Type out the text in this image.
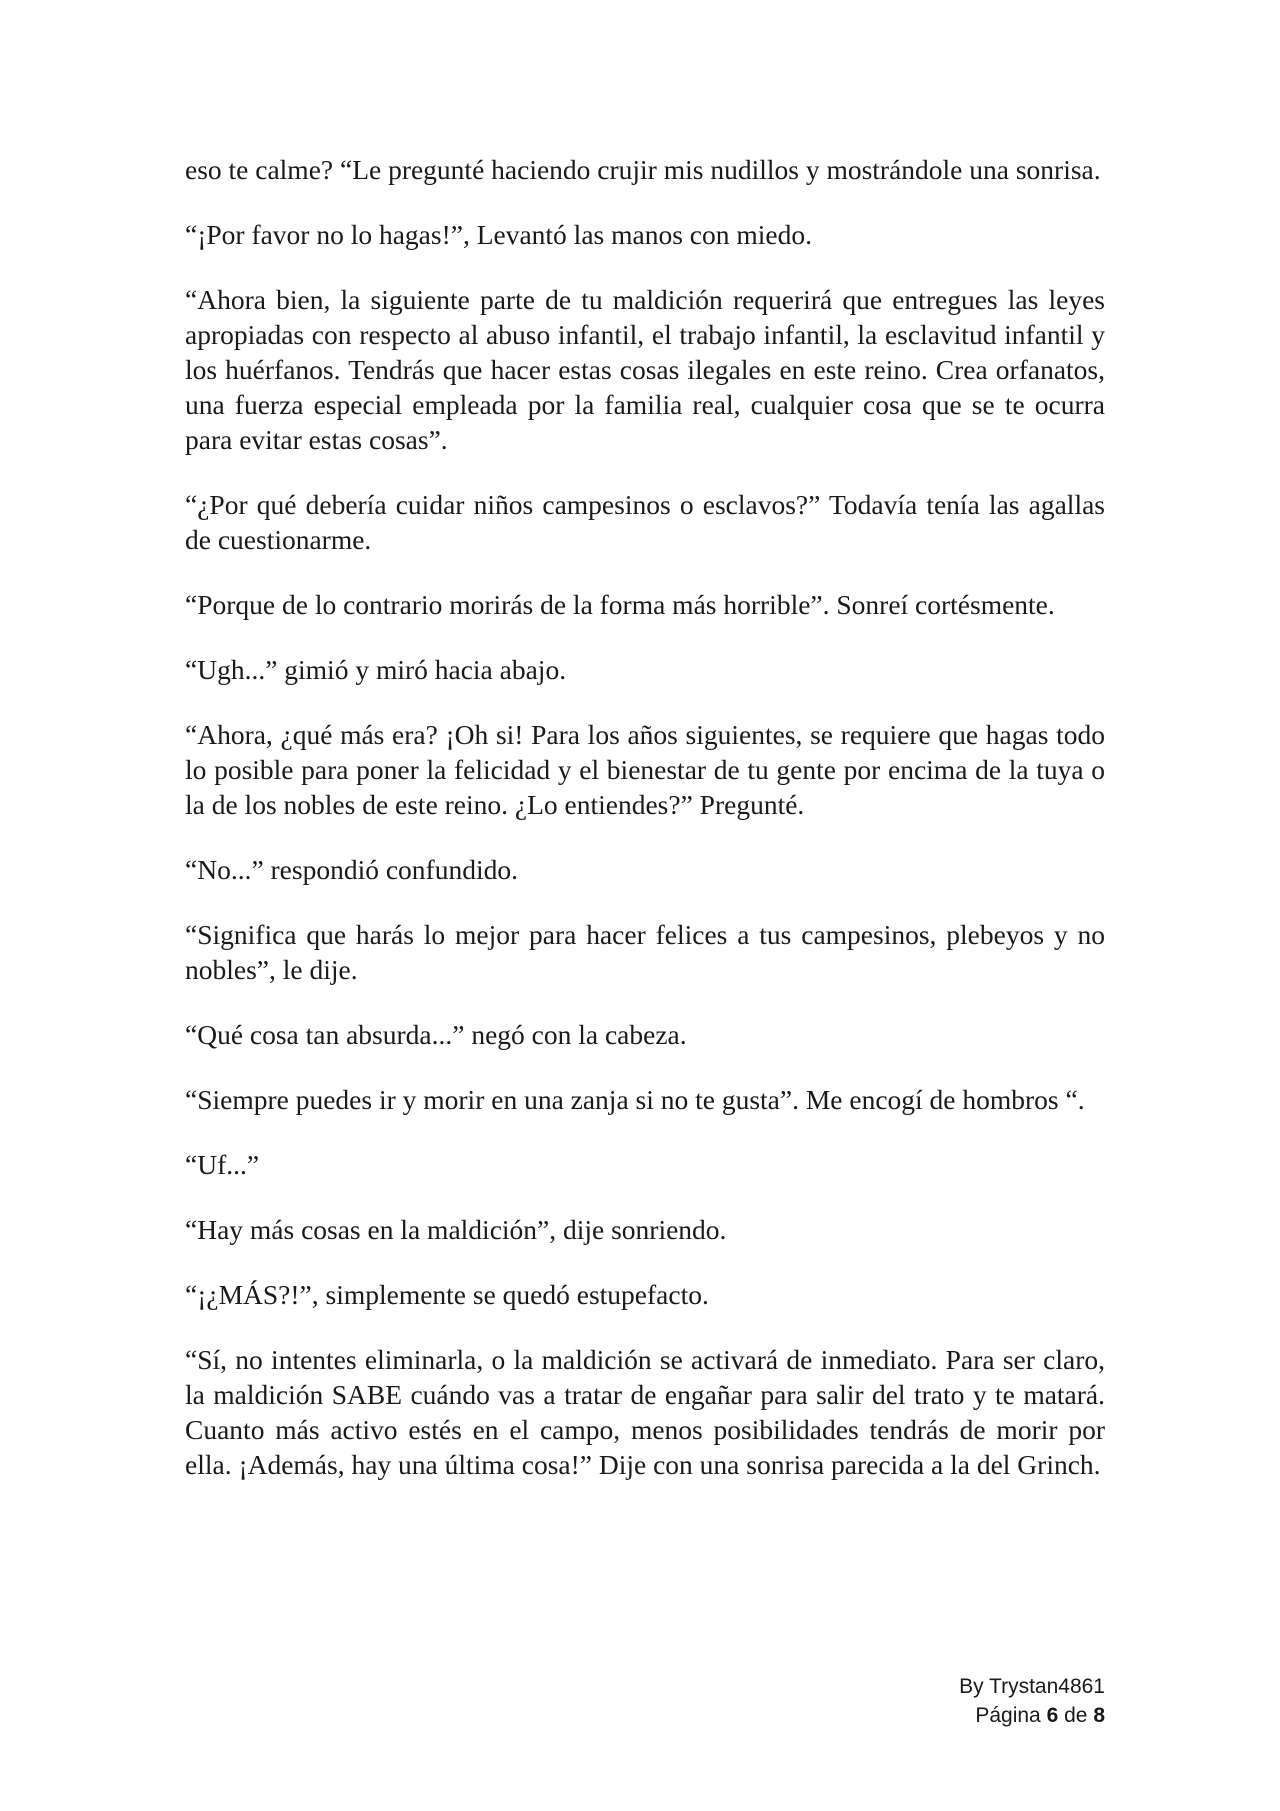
eso te calme? “Le pregunté haciendo crujir mis nudillos y mostrándole una sonrisa.

“¡Por favor no lo hagas!”, Levantó las manos con miedo.

“Ahora bien, la siguiente parte de tu maldición requerirá que entregues las leyes apropiadas con respecto al abuso infantil, el trabajo infantil, la esclavitud infantil y los huérfanos. Tendrás que hacer estas cosas ilegales en este reino. Crea orfanatos, una fuerza especial empleada por la familia real, cualquier cosa que se te ocurra para evitar estas cosas”.

“¿Por qué debería cuidar niños campesinos o esclavos?” Todavía tenía las agallas de cuestionarme.

“Porque de lo contrario morirás de la forma más horrible”. Sonreí cortésmente.

“Ugh...” gimió y miró hacia abajo.

“Ahora, ¿qué más era? ¡Oh si! Para los años siguientes, se requiere que hagas todo lo posible para poner la felicidad y el bienestar de tu gente por encima de la tuya o la de los nobles de este reino. ¿Lo entiendes?” Pregunté.

“No...” respondió confundido.

“Significa que harás lo mejor para hacer felices a tus campesinos, plebeyos y no nobles”, le dije.

“Qué cosa tan absurda...” negó con la cabeza.

“Siempre puedes ir y morir en una zanja si no te gusta”. Me encogí de hombros “.

“Uf...”

“Hay más cosas en la maldición”, dije sonriendo.

“¡¿MÁS?!”, simplemente se quedó estupefacto.

“Sí, no intentes eliminarla, o la maldición se activará de inmediato. Para ser claro, la maldición SABE cuándo vas a tratar de engañar para salir del trato y te matará. Cuanto más activo estés en el campo, menos posibilidades tendrás de morir por ella. ¡Además, hay una última cosa!” Dije con una sonrisa parecida a la del Grinch.

By Trystan4861
Página 6 de 8
